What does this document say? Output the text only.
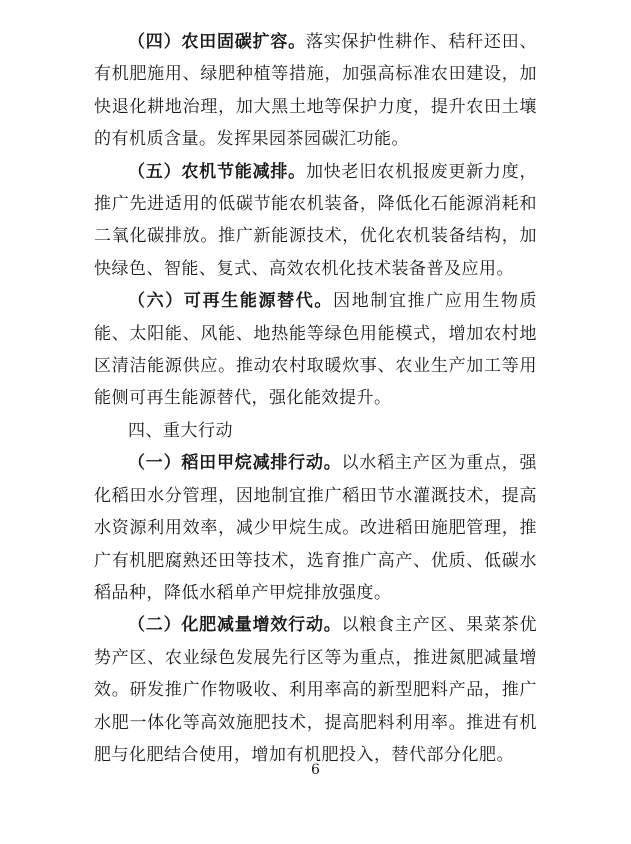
（四）农田固碳扩容。落实保护性耕作、秸秆还田、有机肥施用、绿肥种植等措施，加强高标准农田建设，加快退化耕地治理，加大黑土地等保护力度，提升农田土壤的有机质含量。发挥果园茶园碳汇功能。

（五）农机节能减排。加快老旧农机报废更新力度，推广先进适用的低碳节能农机装备，降低化石能源消耗和二氧化碳排放。推广新能源技术，优化农机装备结构，加快绿色、智能、复式、高效农机化技术装备普及应用。

（六）可再生能源替代。因地制宜推广应用生物质能、太阳能、风能、地热能等绿色用能模式，增加农村地区清洁能源供应。推动农村取暖炊事、农业生产加工等用能侧可再生能源替代，强化能效提升。

四、重大行动

（一）稻田甲烷减排行动。以水稻主产区为重点，强化稻田水分管理，因地制宜推广稻田节水灌溉技术，提高水资源利用效率，减少甲烷生成。改进稻田施肥管理，推广有机肥腐熟还田等技术，选育推广高产、优质、低碳水稻品种，降低水稻单产甲烷排放强度。

（二）化肥减量增效行动。以粮食主产区、果菜茶优势产区、农业绿色发展先行区等为重点，推进氮肥减量增效。研发推广作物吸收、利用率高的新型肥料产品，推广水肥一体化等高效施肥技术，提高肥料利用率。推进有机肥与化肥结合使用，增加有机肥投入，替代部分化肥。

6
